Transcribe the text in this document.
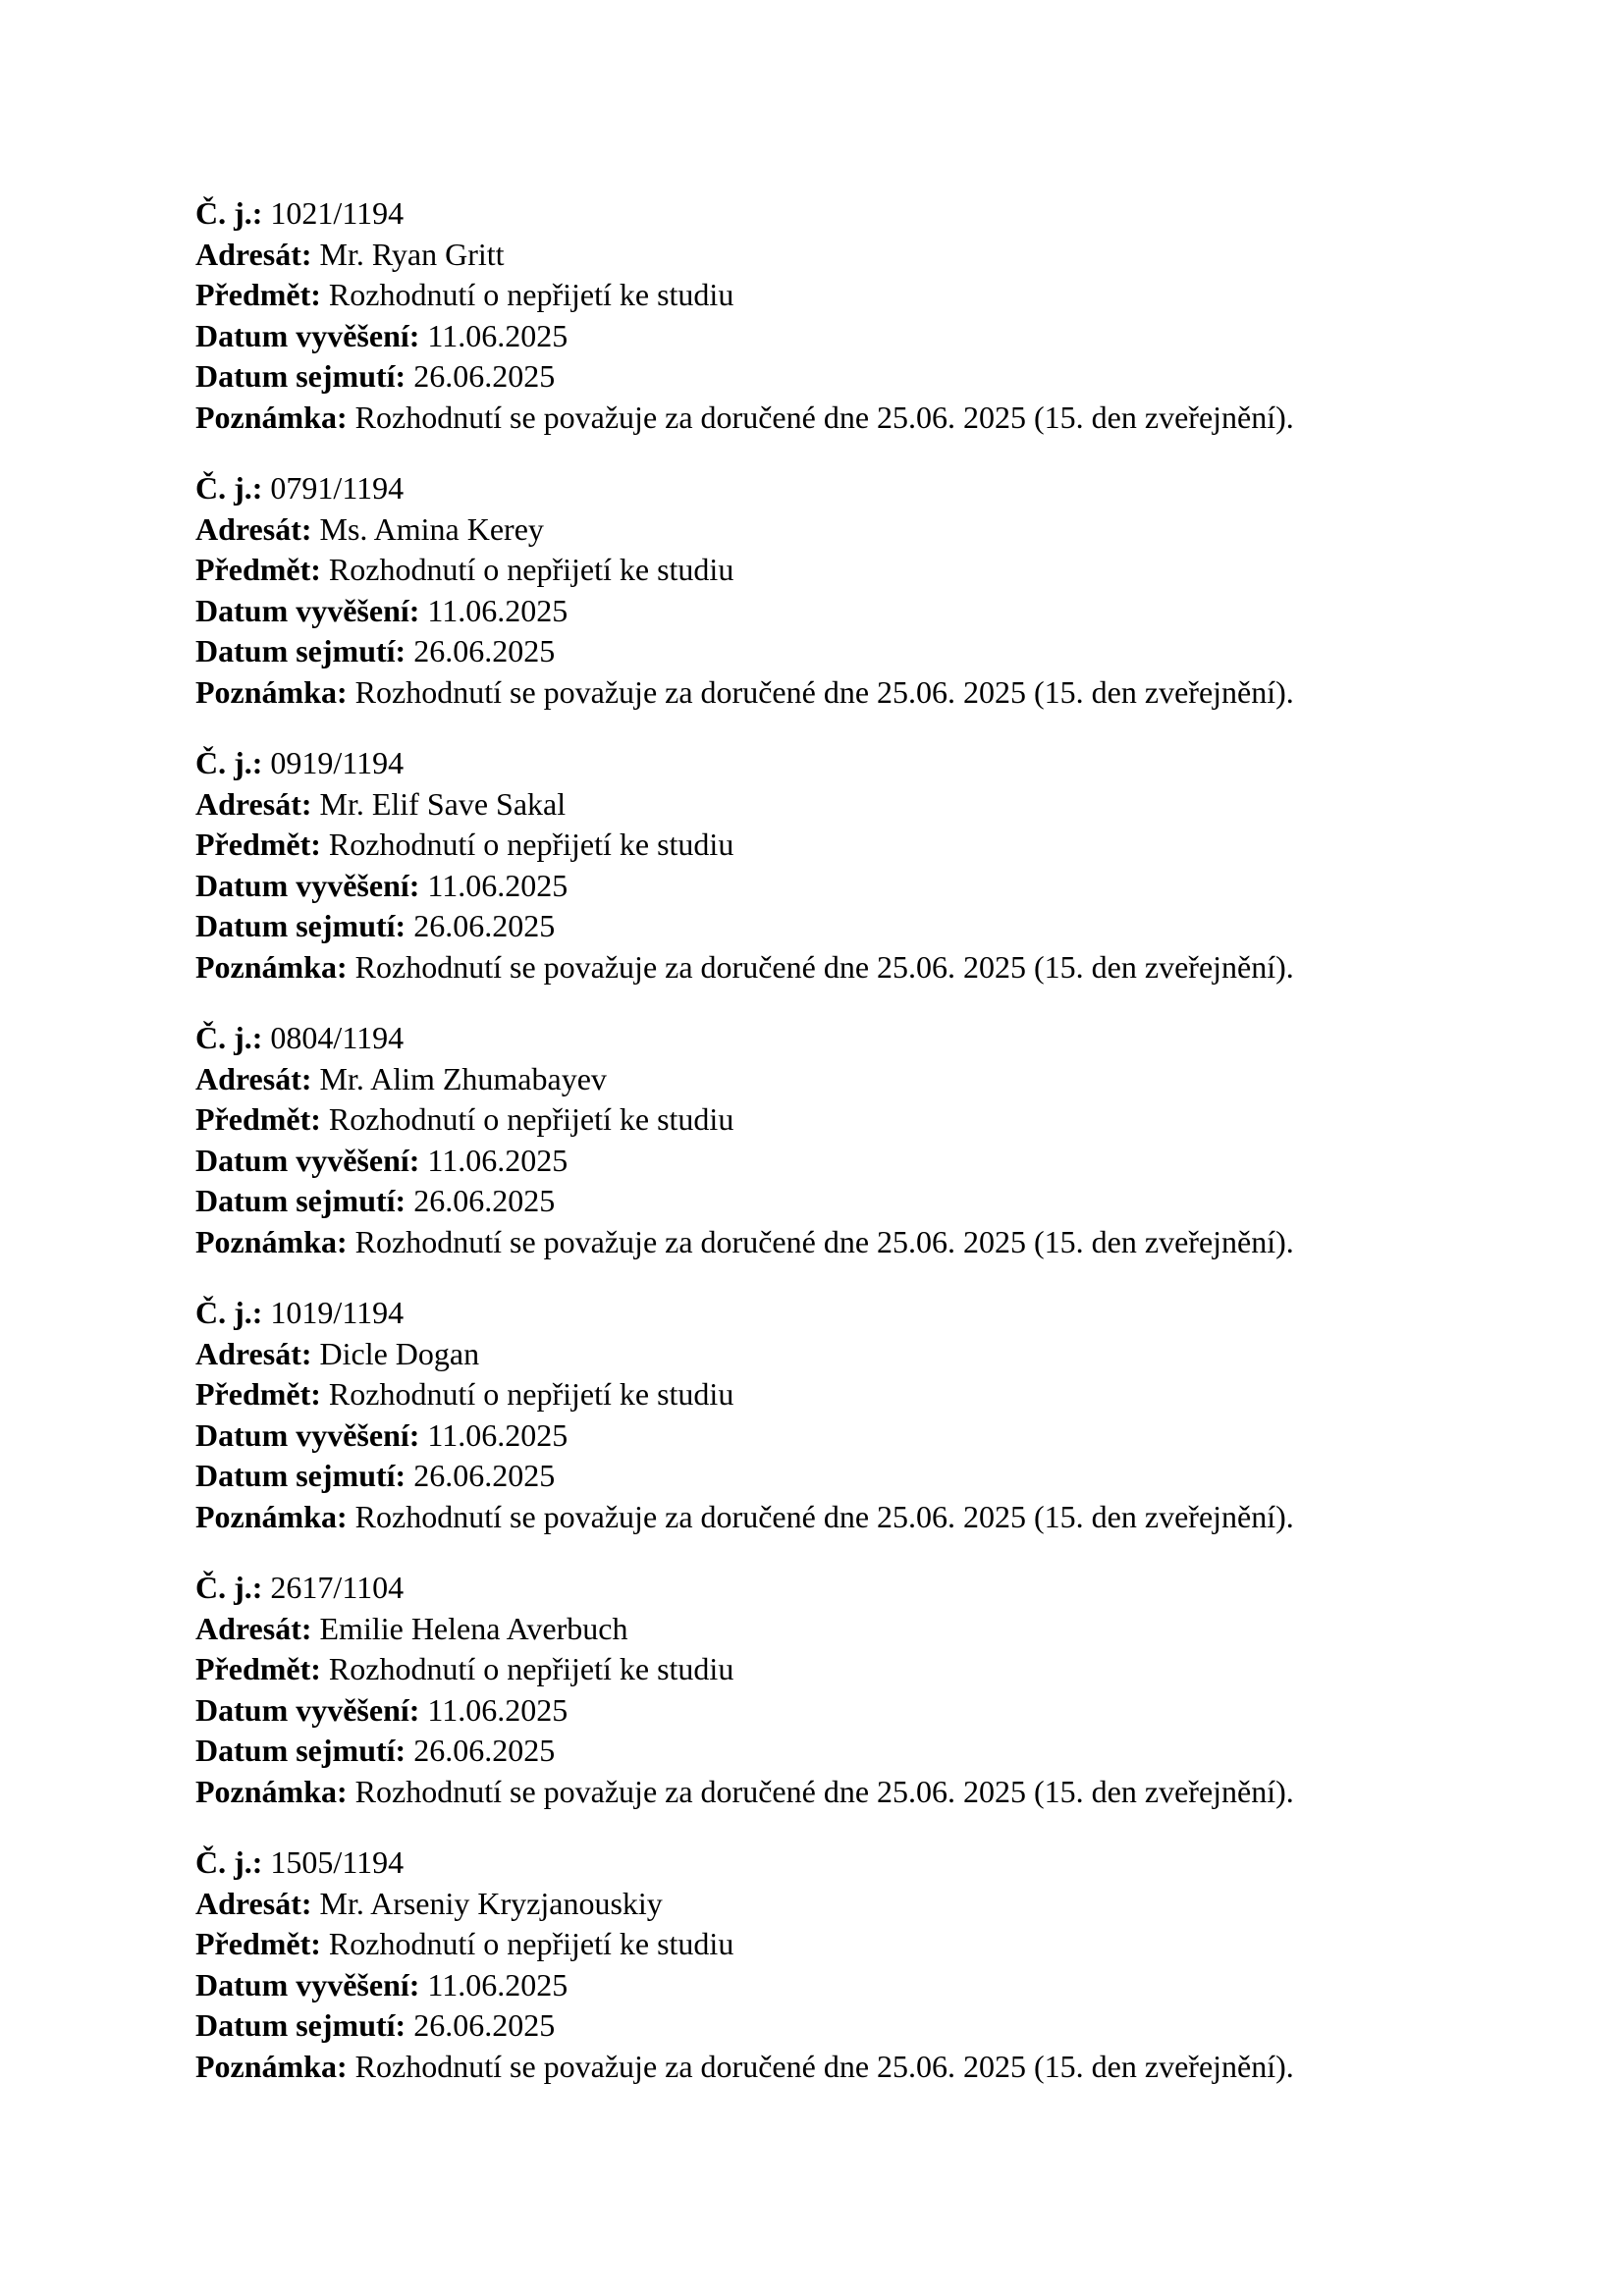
Č. j.: 1021/1194
Adresát: Mr. Ryan Gritt
Předmět: Rozhodnutí o nepřijetí ke studiu
Datum vyvěšení: 11.06.2025
Datum sejmutí: 26.06.2025
Poznámka: Rozhodnutí se považuje za doručené dne 25.06. 2025 (15. den zveřejnění).
Č. j.: 0791/1194
Adresát: Ms. Amina Kerey
Předmět: Rozhodnutí o nepřijetí ke studiu
Datum vyvěšení: 11.06.2025
Datum sejmutí: 26.06.2025
Poznámka: Rozhodnutí se považuje za doručené dne 25.06. 2025 (15. den zveřejnění).
Č. j.: 0919/1194
Adresát: Mr. Elif Save Sakal
Předmět: Rozhodnutí o nepřijetí ke studiu
Datum vyvěšení: 11.06.2025
Datum sejmutí: 26.06.2025
Poznámka: Rozhodnutí se považuje za doručené dne 25.06. 2025 (15. den zveřejnění).
Č. j.: 0804/1194
Adresát: Mr. Alim Zhumabayev
Předmět: Rozhodnutí o nepřijetí ke studiu
Datum vyvěšení: 11.06.2025
Datum sejmutí: 26.06.2025
Poznámka: Rozhodnutí se považuje za doručené dne 25.06. 2025 (15. den zveřejnění).
Č. j.: 1019/1194
Adresát: Dicle Dogan
Předmět: Rozhodnutí o nepřijetí ke studiu
Datum vyvěšení: 11.06.2025
Datum sejmutí: 26.06.2025
Poznámka: Rozhodnutí se považuje za doručené dne 25.06. 2025 (15. den zveřejnění).
Č. j.: 2617/1104
Adresát: Emilie Helena Averbuch
Předmět: Rozhodnutí o nepřijetí ke studiu
Datum vyvěšení: 11.06.2025
Datum sejmutí: 26.06.2025
Poznámka: Rozhodnutí se považuje za doručené dne 25.06. 2025 (15. den zveřejnění).
Č. j.: 1505/1194
Adresát: Mr. Arseniy Kryzjanouskiy
Předmět: Rozhodnutí o nepřijetí ke studiu
Datum vyvěšení: 11.06.2025
Datum sejmutí: 26.06.2025
Poznámka: Rozhodnutí se považuje za doručené dne 25.06. 2025 (15. den zveřejnění).
